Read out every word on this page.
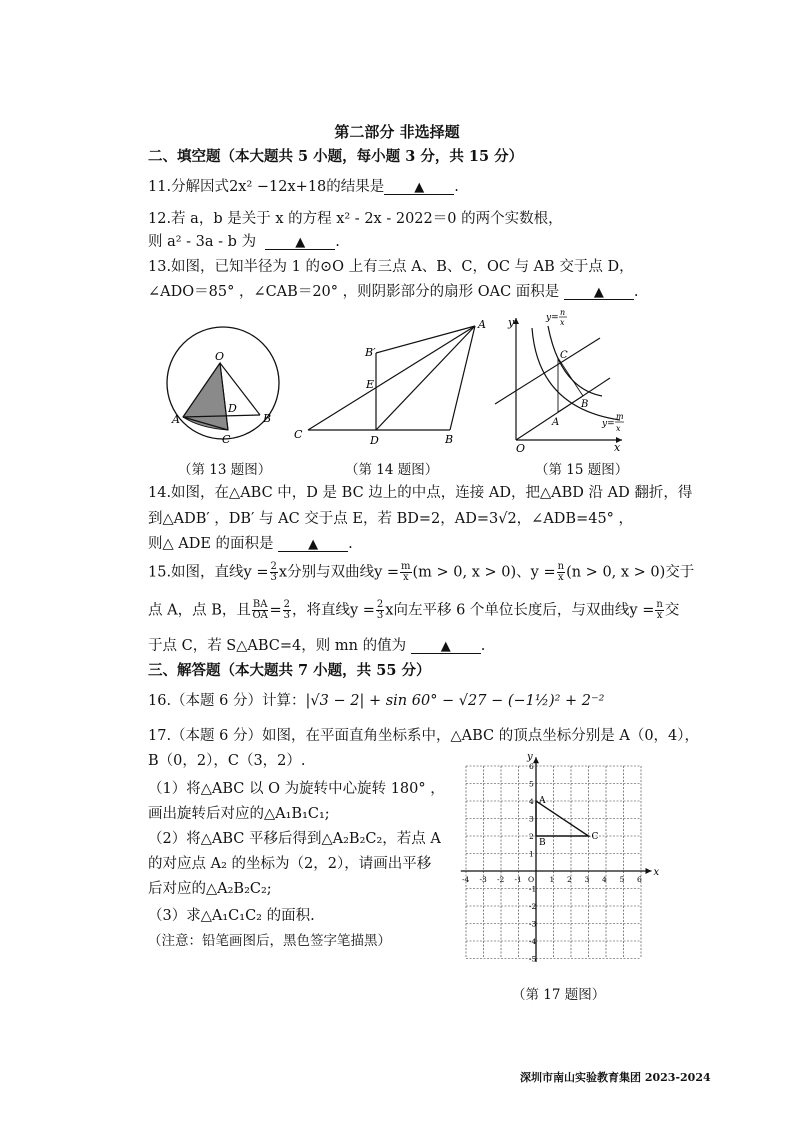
第二部分 非选择题
二、填空题（本大题共 5 小题，每小题 3 分，共 15 分）
11.分解因式2x² −12x+18的结果是 ▲ .
12.若 a，b 是关于 x 的方程 x² - 2x - 2022＝0 的两个实数根，
则 a² - 3a - b 为	▲ .
13.如图，已知半径为 1 的⊙O 上有三点 A、B、C，OC 与 AB 交于点 D，
∠ADO＝85° ，∠CAB＝20° ，则阴影部分的扇形 OAC 面积是	▲ .
O
A	B
C
D
（第 13 题图）
A
B
C	D
E
B′
（第 14 题图）
y
x
O
A
B
C
y=
n
x
y=
m
x
（第 15 题图）
14.如图，在△ABC 中，D 是 BC 边上的中点，连接 AD，把△ABD 沿 AD 翻折，得
到△ADB′ ，DB′ 与 AC 交于点 E，若 BD=2，AD=3√2，∠ADB=45° ，
则△ ADE 的面积是	▲ .
15.如图，直线$y = \frac{2}{3}$ x分别与双曲线$y = \frac{m}{x} (m > 0$, x > 0)、$y = \frac{n}{x} (n > 0$, x > 0)交于
点 A，点 B，且 $\frac{BA}{OA} = \frac{2}{3}$ ，将直线$y = \frac{2}{3}$ x向左平移 6 个单位长度后，与双曲线$y = \frac{n}{x}$ 交
于点 C，若 S△ABC=4，则 mn 的值为	▲ .
三、解答题（本大题共 7 小题，共 55 分）
16.（本题 6 分）计算：|√3 − 2| + sin 60° − √27 − (−1½)² + 2⁻²
17.（本题 6 分）如图，在平面直角坐标系中，△ABC 的顶点坐标分别是 A（0，4），
B（0，2），C（3，2）.
（1）将△ABC 以 O 为旋转中心旋转 180° ，
画出旋转后对应的△A₁B₁C₁;
（2）将△ABC 平移后得到△A₂B₂C₂，若点 A
的对应点 A₂ 的坐标为（2，2），请画出平移
后对应的△A₂B₂C₂;
（3）求△A₁C₁C₂ 的面积.
（注意：铅笔画图后，黑色签字笔描黑）
x
y
-4 -3 -2 -1 O 1 2 3 4 5 6
6
5
4
3
2
1
-1
-2
-3
-4
-5
A
B
C
（第 17 题图）
深圳市南山实验教育集团 2023-2024
